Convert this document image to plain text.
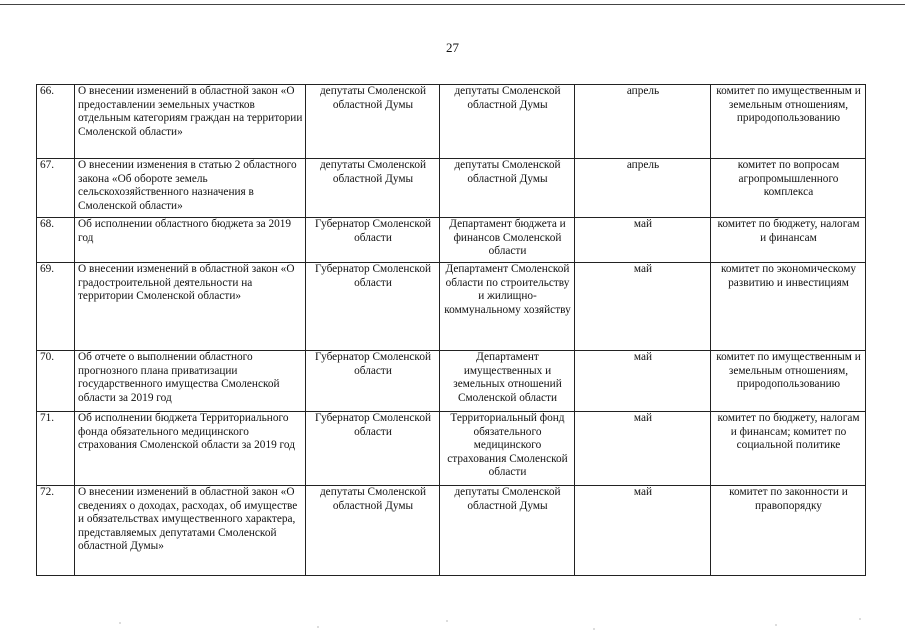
27
66.	О внесении изменений в областной закон «О предоставлении земельных участков отдельным категориям граждан на территории Смоленской области»	депутаты Смоленской областной Думы	депутаты Смоленской областной Думы	апрель	комитет по имущественным и земельным отношениям, природопользованию
67.	О внесении изменения в статью 2 областного закона «Об обороте земель сельскохозяйственного назначения в Смоленской области»	депутаты Смоленской областной Думы	депутаты Смоленской областной Думы	апрель	комитет по вопросам агропромышленного комплекса
68.	Об исполнении областного бюджета за 2019 год	Губернатор Смоленской области	Департамент бюджета и финансов Смоленской области	май	комитет по бюджету, налогам и финансам
69.	О внесении изменений в областной закон «О градостроительной деятельности на территории Смоленской области»	Губернатор Смоленской области	Департамент Смоленской области по строительству и жилищно-коммунальному хозяйству	май	комитет по экономическому развитию и инвестициям
70.	Об отчете о выполнении областного прогнозного плана приватизации государственного имущества Смоленской области за 2019 год	Губернатор Смоленской области	Департамент имущественных и земельных отношений Смоленской области	май	комитет по имущественным и земельным отношениям, природопользованию
71.	Об исполнении бюджета Территориального фонда обязательного медицинского страхования Смоленской области за 2019 год	Губернатор Смоленской области	Территориальный фонд обязательного медицинского страхования Смоленской области	май	комитет по бюджету, налогам и финансам; комитет по социальной политике
72.	О внесении изменений в областной закон «О сведениях о доходах, расходах, об имуществе и обязательствах имущественного характера, представляемых депутатами Смоленской областной Думы»	депутаты Смоленской областной Думы	депутаты Смоленской областной Думы	май	комитет по законности и правопорядку
